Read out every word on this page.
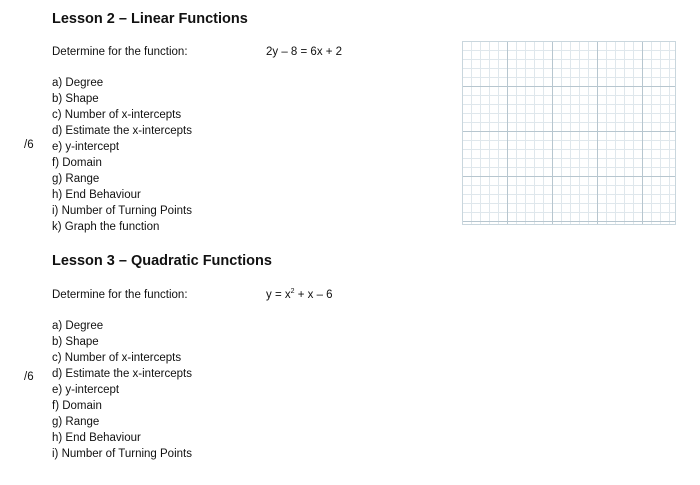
Lesson 2 – Linear Functions
Determine for the function:	2y – 8 = 6x + 2
a) Degree
b) Shape
c) Number of x-intercepts
d) Estimate the x-intercepts
e) y-intercept
f) Domain
g) Range
h) End Behaviour
i) Number of Turning Points
k) Graph the function
/6
Lesson 3 – Quadratic Functions
Determine for the function:	$y = x^2 + x - 6$
a) Degree
b) Shape
c) Number of x-intercepts
d) Estimate the x-intercepts
e) y-intercept
f) Domain
g) Range
h) End Behaviour
i) Number of Turning Points
/6
